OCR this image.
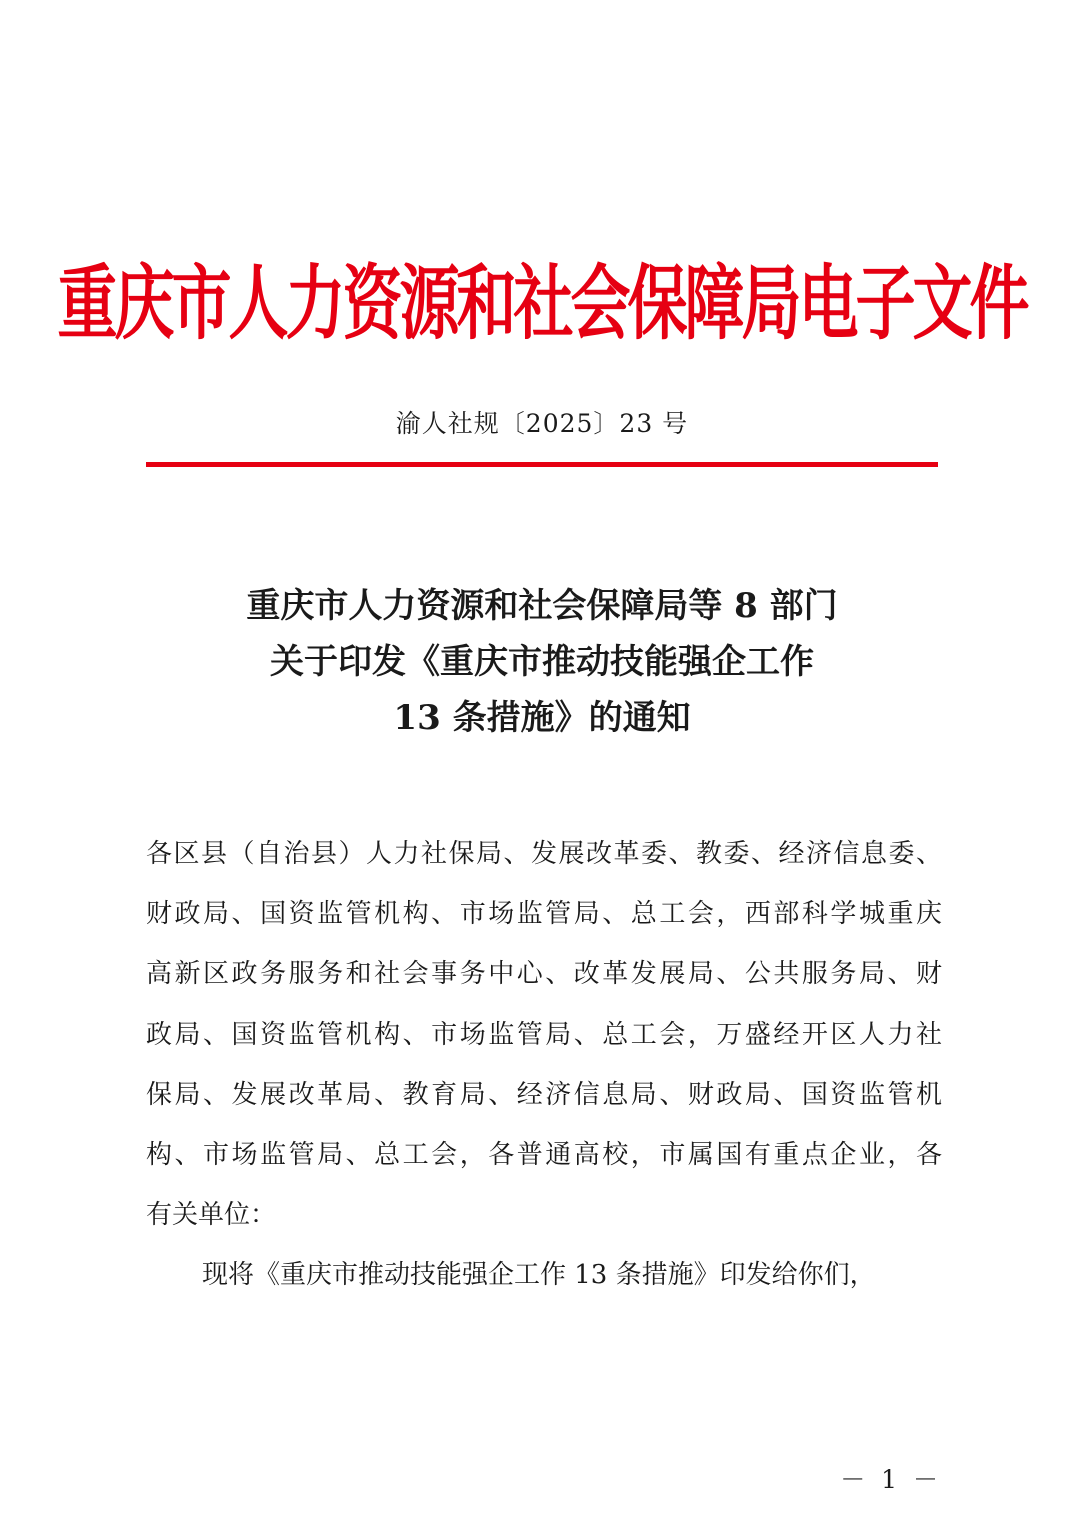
重庆市人力资源和社会保障局电子文件
渝人社规〔2025〕23 号
重庆市人力资源和社会保障局等 8 部门
关于印发《重庆市推动技能强企工作
13 条措施》的通知
各区县（自治县）人力社保局、发展改革委、教委、经济信息委、
财政局、国资监管机构、市场监管局、总工会，西部科学城重庆
高新区政务服务和社会事务中心、改革发展局、公共服务局、财
政局、国资监管机构、市场监管局、总工会，万盛经开区人力社
保局、发展改革局、教育局、经济信息局、财政局、国资监管机
构、市场监管局、总工会，各普通高校，市属国有重点企业，各
有关单位：
现将《重庆市推动技能强企工作 13 条措施》印发给你们，
－ 1 －
